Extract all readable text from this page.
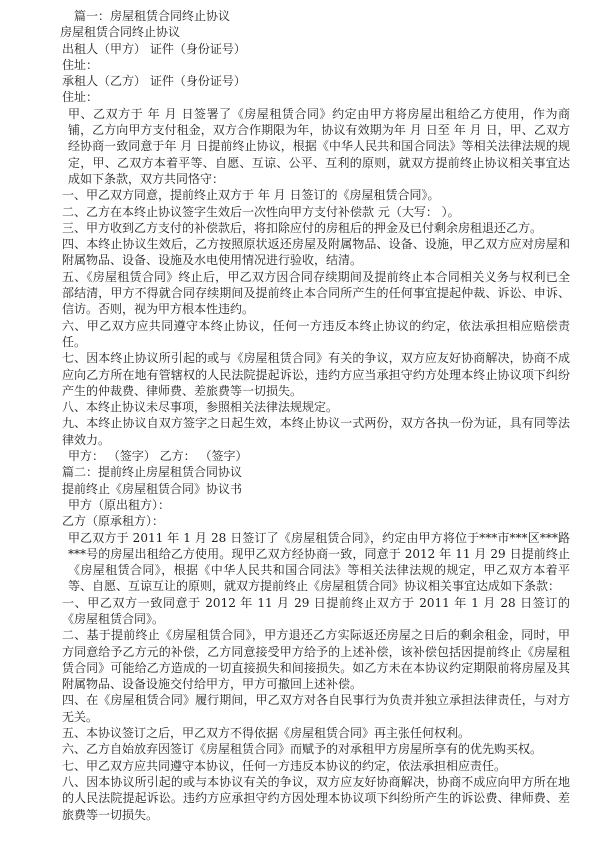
篇一：房屋租赁合同终止协议
房屋租赁合同终止协议
出租人（甲方） 证件（身份证号）
住址：
承租人（乙方） 证件（身份证号）
住址：
甲、乙双方于 年 月 日签署了《房屋租赁合同》约定由甲方将房屋出租给乙方使用，作为商铺，乙方向甲方支付租金，双方合作期限为年，协议有效期为年 月 日至 年 月 日，甲、乙双方经协商一致同意于年 月 日提前终止协议，根据《中华人民共和国合同法》等相关法律法规的规定，甲、乙双方本着平等、自愿、互谅、公平、互利的原则，就双方提前终止协议相关事宜达成如下条款，双方共同恪守：
一、甲乙双方同意，提前终止双方于 年 月 日签订的《房屋租赁合同》。
二、乙方在本终止协议签字生效后一次性向甲方支付补偿款 元（大写： ）。
三、甲方收到乙方支付的补偿款后，将扣除应付的房租后的押金及已付剩余房租退还乙方。
四、本终止协议生效后，乙方按照原状返还房屋及附属物品、设备、设施，甲乙双方应对房屋和附属物品、设备、设施及水电使用情况进行验收，结清。
五、《房屋租赁合同》终止后，甲乙双方因合同存续期间及提前终止本合同相关义务与权利已全部结清，甲方不得就合同存续期间及提前终止本合同所产生的任何事宜提起仲裁、诉讼、申诉、信访。否则，视为甲方根本性违约。
六、甲乙双方应共同遵守本终止协议，任何一方违反本终止协议的约定，依法承担相应赔偿责任。
七、因本终止协议所引起的或与《房屋租赁合同》有关的争议，双方应友好协商解决，协商不成应向乙方所在地有管辖权的人民法院提起诉讼，违约方应当承担守约方处理本终止协议项下纠纷产生的仲裁费、律师费、差旅费等一切损失。
八、本终止协议未尽事项，参照相关法律法规规定。
九、本终止协议自双方签字之日起生效，本终止协议一式两份，双方各执一份为证，具有同等法律效力。
甲方： （签字） 乙方： （签字）
篇二：提前终止房屋租赁合同协议
提前终止《房屋租赁合同》协议书
甲方（原出租方）：
乙方（原承租方）：
甲乙双方于 2011 年 1 月 28 日签订了《房屋租赁合同》，约定由甲方将位于***市***区***路***号的房屋出租给乙方使用。现甲乙双方经协商一致，同意于 2012 年 11 月 29 日提前终止《房屋租赁合同》，根据《中华人民共和国合同法》等相关法律法规的规定，甲乙双方本着平等、自愿、互谅互让的原则，就双方提前终止《房屋租赁合同》协议相关事宜达成如下条款：
一、甲乙双方一致同意于 2012 年 11 月 29 日提前终止双方于 2011 年 1 月 28 日签订的《房屋租赁合同》。
二、基于提前终止《房屋租赁合同》，甲方退还乙方实际返还房屋之日后的剩余租金，同时，甲方同意给予乙方元的补偿，乙方同意接受甲方给予的上述补偿，该补偿包括因提前终止《房屋租赁合同》可能给乙方造成的一切直接损失和间接损失。如乙方未在本协议约定期限前将房屋及其附属物品、设备设施交付给甲方，甲方可撤回上述补偿。
四、在《房屋租赁合同》履行期间，甲乙双方对各自民事行为负责并独立承担法律责任，与对方无关。
五、本协议签订之后，甲乙双方不得依据《房屋租赁合同》再主张任何权利。
六、乙方自始放弃因签订《房屋租赁合同》而赋予的对承租甲方房屋所享有的优先购买权。
七、甲乙双方应共同遵守本协议，任何一方违反本协议的约定，依法承担相应责任。
八、因本协议所引起的或与本协议有关的争议，双方应友好协商解决，协商不成应向甲方所在地的人民法院提起诉讼。违约方应承担守约方因处理本协议项下纠纷所产生的诉讼费、律师费、差旅费等一切损失。
